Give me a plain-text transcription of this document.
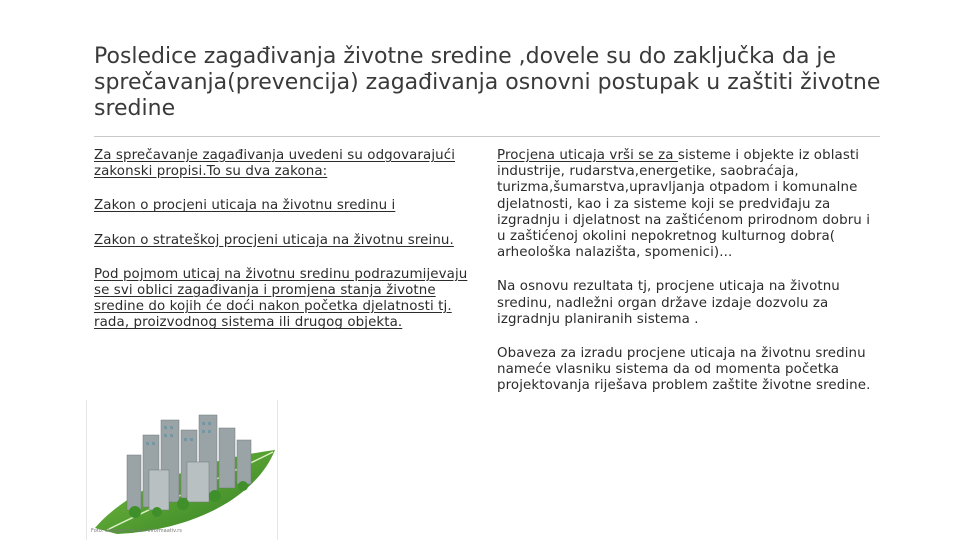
Posledice zagađivanja životne sredine ,dovele su do zaključka da je sprečavanja(prevencija) zagađivanja osnovni postupak u zaštiti životne sredine

Za sprečavanje zagađivanja uvedeni su odgovarajući zakonski propisi.To su dva zakona:

Zakon o procjeni uticaja na životnu sredinu i

Zakon o strateškoj procjeni uticaja na životnu sreinu.

Pod pojmom uticaj na životnu sredinu podrazumijevaju se svi oblici zagađivanja i promjena stanja životne sredine do kojih će doći nakon početka djelatnosti tj. rada, proizvodnog sistema ili drugog objekta.

Procjena uticaja vrši se za sisteme i objekte iz oblasti industrije, rudarstva,energetike, saobraćaja, turizma,šumarstva,upravljanja otpadom i komunalne djelatnosti, kao i za sisteme koji se predviđaju za izgradnju i djelatnost na zaštićenom prirodnom dobru i u zaštićenoj okolini nepokretnog kulturnog dobra( arheološka nalazišta, spomenici)...

Na osnovu rezultata tj, procjene uticaja na životnu sredinu, nadležni organ države izdaje dozvolu za izgradnju planiranih sistema .

Obaveza za izradu procjene uticaja na životnu sredinu nameće vlasniku sistema da od momenta početka projektovanja riješava problem zaštite životne sredine.

Foto: ekoporemativan-informaativ.rs
